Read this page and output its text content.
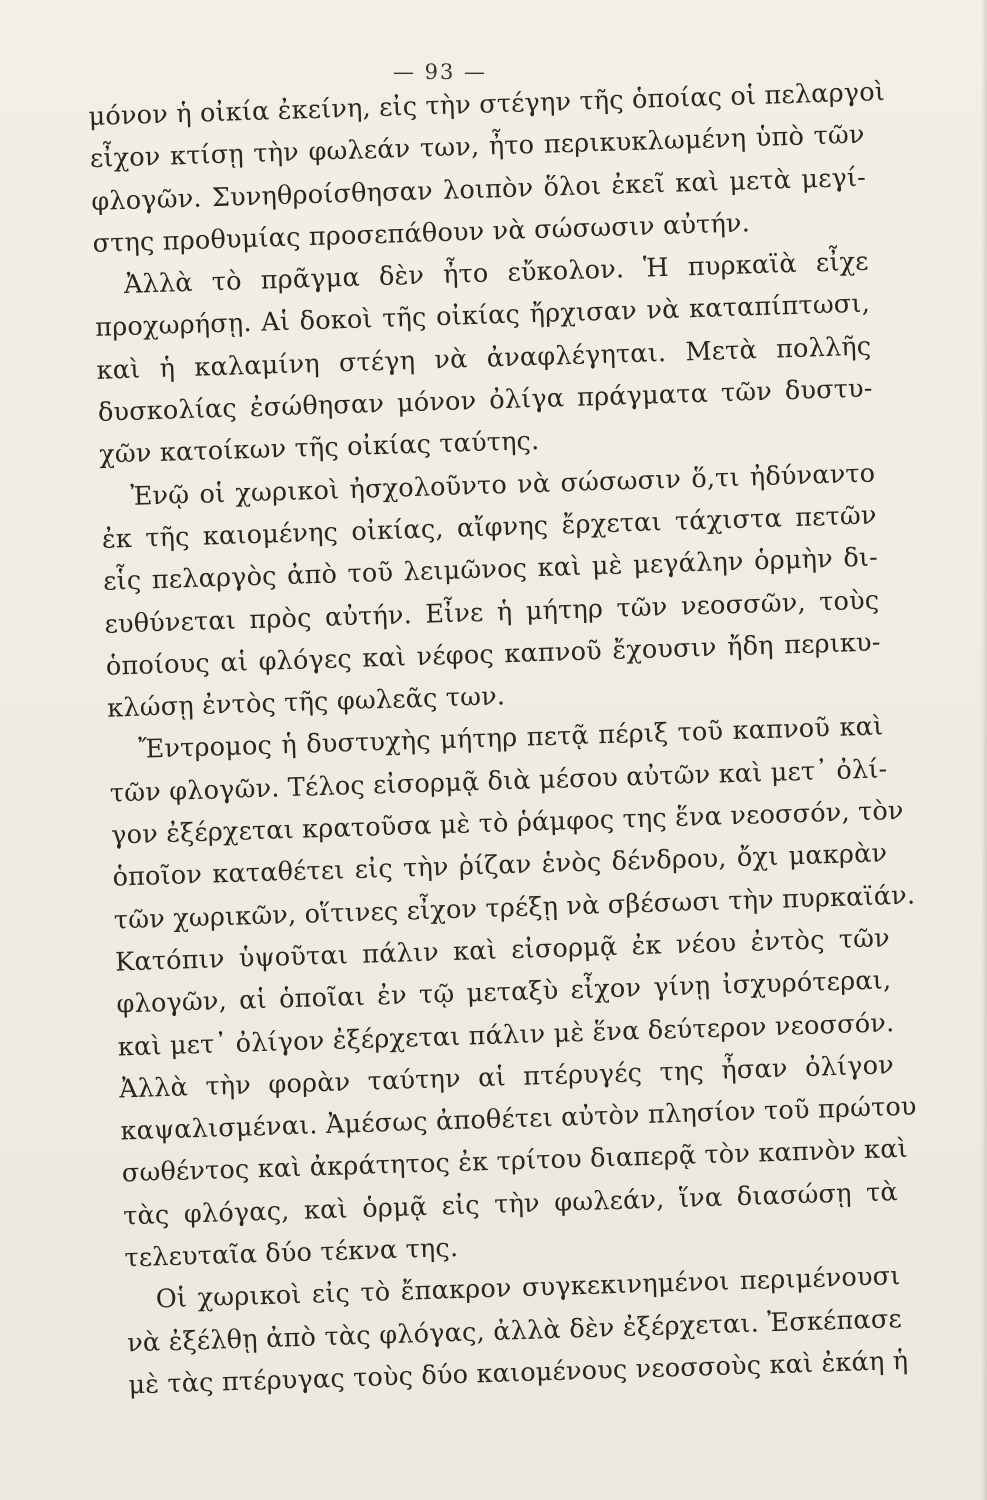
— 93 —
μόνον ἡ οἰκία ἐκείνη, εἰς τὴν στέγην τῆς ὁποίας οἱ πελαργοὶ
εἶχον κτίσῃ τὴν φωλεάν των, ἦτο περικυκλωμένη ὑπὸ τῶν
φλογῶν. Συνηθροίσθησαν λοιπὸν ὅλοι ἐκεῖ καὶ μετὰ μεγί-
στης προθυμίας προσεπάθουν νὰ σώσωσιν αὐτήν.
Ἀλλὰ τὸ πρᾶγμα δὲν ἦτο εὔκολον. Ἡ πυρκαϊὰ εἶχε
προχωρήσῃ. Αἱ δοκοὶ τῆς οἰκίας ἤρχισαν νὰ καταπίπτωσι,
καὶ ἡ καλαμίνη στέγη νὰ ἀναφλέγηται. Μετὰ πολλῆς
δυσκολίας ἐσώθησαν μόνον ὀλίγα πράγματα τῶν δυστυ-
χῶν κατοίκων τῆς οἰκίας ταύτης.
Ἐνῷ οἱ χωρικοὶ ἠσχολοῦντο νὰ σώσωσιν ὅ,τι ἠδύναντο
ἐκ τῆς καιομένης οἰκίας, αἴφνης ἔρχεται τάχιστα πετῶν
εἷς πελαργὸς ἀπὸ τοῦ λειμῶνος καὶ μὲ μεγάλην ὁρμὴν δι-
ευθύνεται πρὸς αὐτήν. Εἶνε ἡ μήτηρ τῶν νεοσσῶν, τοὺς
ὁποίους αἱ φλόγες καὶ νέφος καπνοῦ ἔχουσιν ἤδη περικυ-
κλώσῃ ἐντὸς τῆς φωλεᾶς των.
Ἔντρομος ἡ δυστυχὴς μήτηρ πετᾷ πέριξ τοῦ καπνοῦ καὶ
τῶν φλογῶν. Τέλος εἰσορμᾷ διὰ μέσου αὐτῶν καὶ μετ᾽ ὀλί-
γον ἐξέρχεται κρατοῦσα μὲ τὸ ῥάμφος της ἕνα νεοσσόν, τὸν
ὁποῖον καταθέτει εἰς τὴν ῥίζαν ἑνὸς δένδρου, ὄχι μακρὰν
τῶν χωρικῶν, οἵτινες εἶχον τρέξῃ νὰ σβέσωσι τὴν πυρκαϊάν.
Κατόπιν ὑψοῦται πάλιν καὶ εἰσορμᾷ ἐκ νέου ἐντὸς τῶν
φλογῶν, αἱ ὁποῖαι ἐν τῷ μεταξὺ εἶχον γίνῃ ἰσχυρότεραι,
καὶ μετ᾽ ὀλίγον ἐξέρχεται πάλιν μὲ ἕνα δεύτερον νεοσσόν.
Ἀλλὰ τὴν φορὰν ταύτην αἱ πτέρυγές της ἦσαν ὀλίγον
καψαλισμέναι. Ἀμέσως ἀποθέτει αὐτὸν πλησίον τοῦ πρώτου
σωθέντος καὶ ἀκράτητος ἐκ τρίτου διαπερᾷ τὸν καπνὸν καὶ
τὰς φλόγας, καὶ ὁρμᾷ εἰς τὴν φωλεάν, ἵνα διασώσῃ τὰ
τελευταῖα δύο τέκνα της.
Οἱ χωρικοὶ εἰς τὸ ἔπακρον συγκεκινημένοι περιμένουσι
νὰ ἐξέλθῃ ἀπὸ τὰς φλόγας, ἀλλὰ δὲν ἐξέρχεται. Ἐσκέπασε
μὲ τὰς πτέρυγας τοὺς δύο καιομένους νεοσσοὺς καὶ ἐκάη ἡ
